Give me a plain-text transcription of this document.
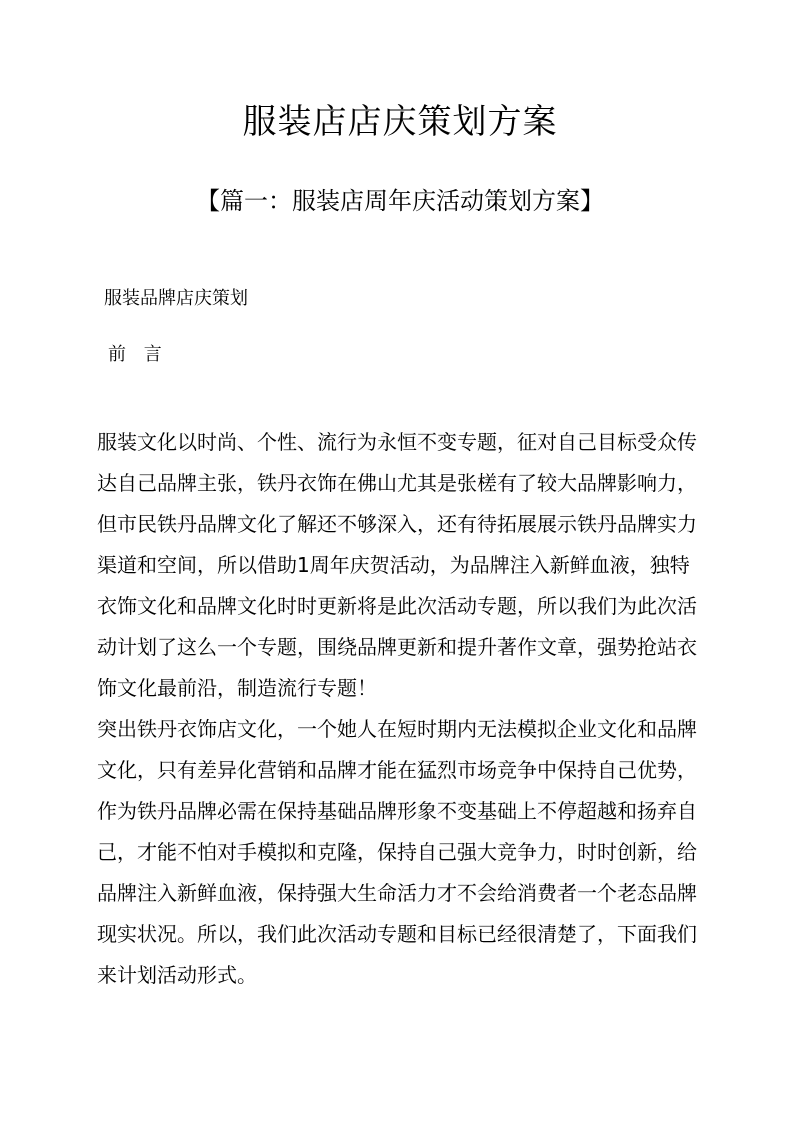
服装店店庆策划方案
【篇一：服装店周年庆活动策划方案】
服装品牌店庆策划
前 言

服装文化以时尚、个性、流行为永恒不变专题，征对自己目标受众传达自己品牌主张，铁丹衣饰在佛山尤其是张槎有了较大品牌影响力，但市民铁丹品牌文化了解还不够深入，还有待拓展展示铁丹品牌实力渠道和空间，所以借助1周年庆贺活动，为品牌注入新鲜血液，独特衣饰文化和品牌文化时时更新将是此次活动专题，所以我们为此次活动计划了这么一个专题，围绕品牌更新和提升著作文章，强势抢站衣饰文化最前沿，制造流行专题！

突出铁丹衣饰店文化，一个她人在短时期内无法模拟企业文化和品牌文化，只有差异化营销和品牌才能在猛烈市场竞争中保持自己优势，作为铁丹品牌必需在保持基础品牌形象不变基础上不停超越和扬弃自己，才能不怕对手模拟和克隆，保持自己强大竞争力，时时创新，给品牌注入新鲜血液，保持强大生命活力才不会给消费者一个老态品牌现实状况。所以，我们此次活动专题和目标已经很清楚了，下面我们来计划活动形式。
